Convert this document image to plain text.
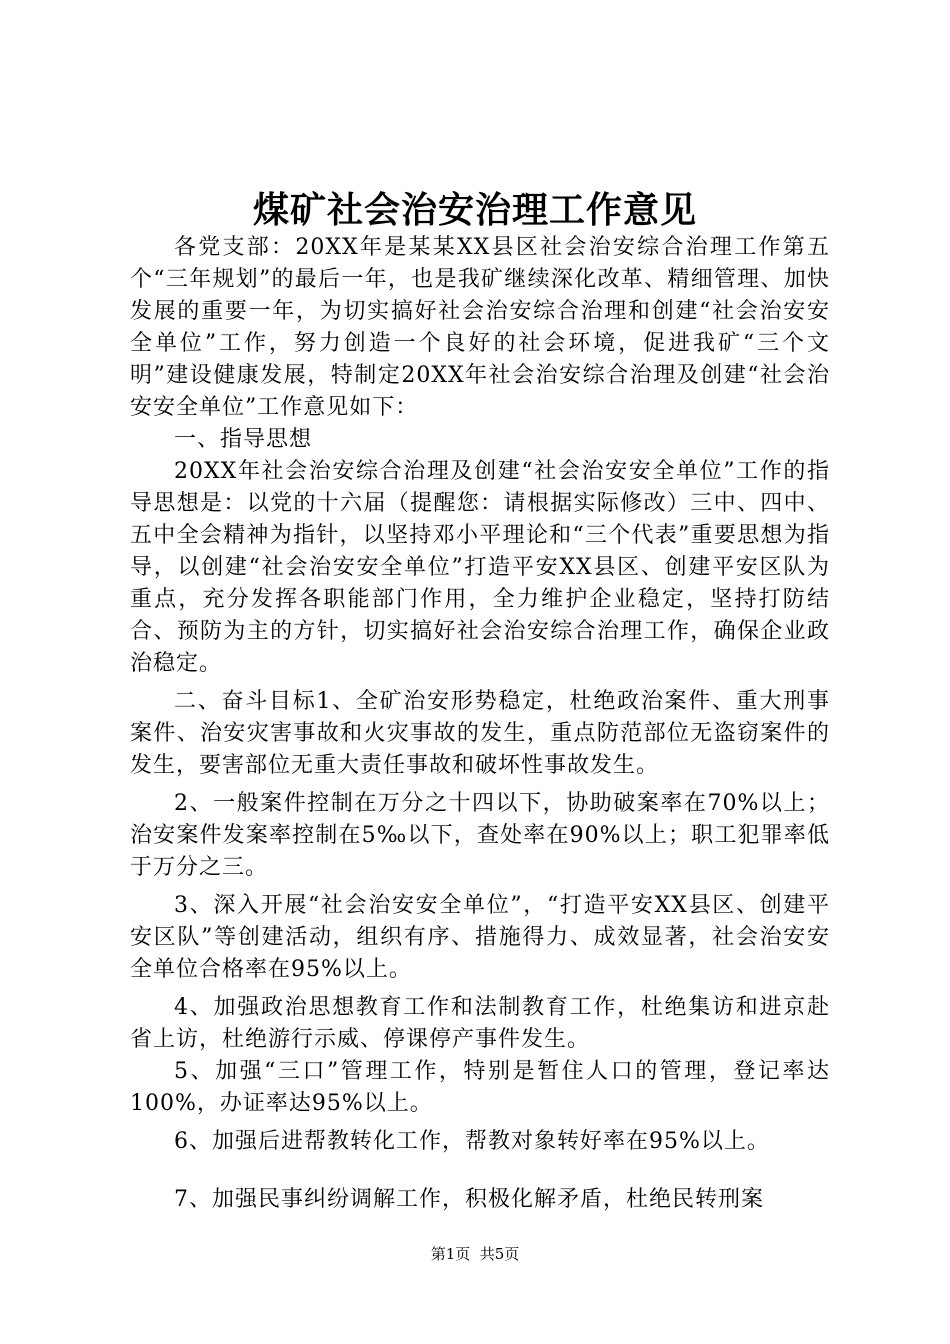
煤矿社会治安治理工作意见

各党支部：20XX年是某某XX县区社会治安综合治理工作第五个“三年规划”的最后一年，也是我矿继续深化改革、精细管理、加快发展的重要一年，为切实搞好社会治安综合治理和创建“社会治安安全单位”工作，努力创造一个良好的社会环境，促进我矿“三个文明”建设健康发展，特制定20XX年社会治安综合治理及创建“社会治安安全单位”工作意见如下：

一、指导思想

20XX年社会治安综合治理及创建“社会治安安全单位”工作的指导思想是：以党的十六届（提醒您：请根据实际修改）三中、四中、五中全会精神为指针，以坚持邓小平理论和“三个代表”重要思想为指导，以创建“社会治安安全单位”打造平安XX县区、创建平安区队为重点，充分发挥各职能部门作用，全力维护企业稳定，坚持打防结合、预防为主的方针，切实搞好社会治安综合治理工作，确保企业政治稳定。

二、奋斗目标1、全矿治安形势稳定，杜绝政治案件、重大刑事案件、治安灾害事故和火灾事故的发生，重点防范部位无盗窃案件的发生，要害部位无重大责任事故和破坏性事故发生。

2、一般案件控制在万分之十四以下，协助破案率在70%以上；治安案件发案率控制在5‰以下，查处率在90%以上；职工犯罪率低于万分之三。

3、深入开展“社会治安安全单位”，“打造平安XX县区、创建平安区队”等创建活动，组织有序、措施得力、成效显著，社会治安安全单位合格率在95%以上。

4、加强政治思想教育工作和法制教育工作，杜绝集访和进京赴省上访，杜绝游行示威、停课停产事件发生。

5、加强“三口”管理工作，特别是暂住人口的管理，登记率达100%，办证率达95%以上。

6、加强后进帮教转化工作，帮教对象转好率在95%以上。

7、加强民事纠纷调解工作，积极化解矛盾，杜绝民转刑案

第1页  共5页
